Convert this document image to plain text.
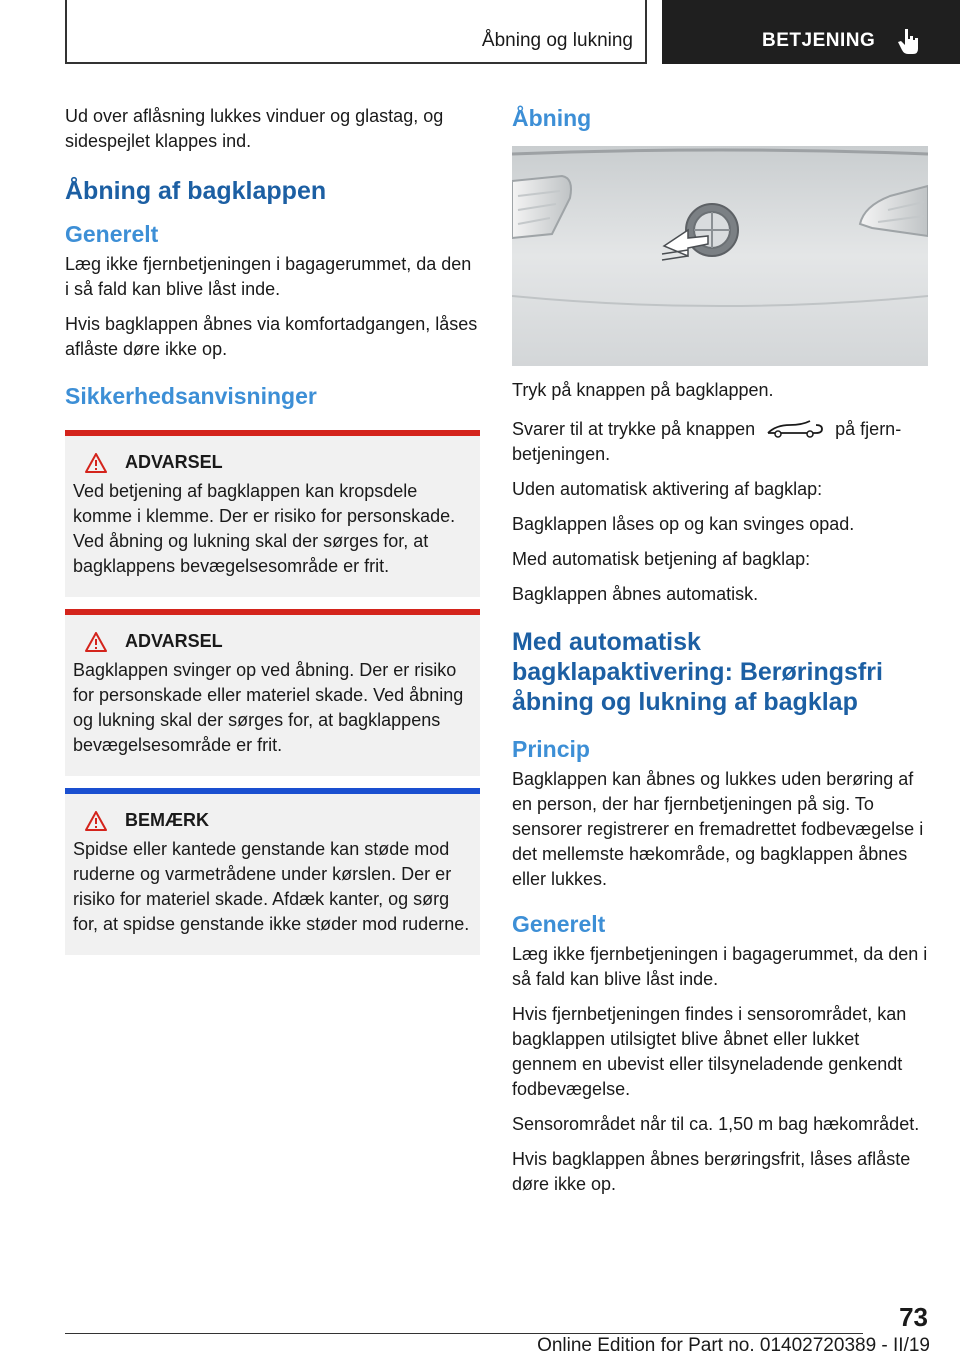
Åbning og lukning	BETJENING

Ud over aflåsning lukkes vinduer og glastag, og sidespejlet klappes ind.

Åbning af bagklappen
Generelt

Læg ikke fjernbetjeningen i bagagerummet, da den i så fald kan blive låst inde.

Hvis bagklappen åbnes via komfortadgangen, låses aflåste døre ikke op.

Sikkerhedsanvisninger
ADVARSEL

Ved betjening af bagklappen kan kropsdele komme i klemme. Der er risiko for personskade. Ved åbning og lukning skal der sørges for, at bagklappens bevægelsesområde er frit.

ADVARSEL

Bagklappen svinger op ved åbning. Der er risiko for personskade eller materiel skade. Ved åbning og lukning skal der sørges for, at bagklappens bevægelsesområde er frit.

BEMÆRK

Spidse eller kantede genstande kan støde mod ruderne og varmetrådene under kørslen. Der er risiko for materiel skade. Afdæk kanter, og sørg for, at spidse genstande ikke støder mod ruderne.

Åbning

Tryk på knappen på bagklappen.

Svarer til at trykke på knappen	på fjernbetjeningen.

Uden automatisk aktivering af bagklap:

Bagklappen låses op og kan svinges opad.

Med automatisk betjening af bagklap:

Bagklappen åbnes automatisk.

Med automatisk bagklapaktivering: Berøringsfri åbning og lukning af bagklap
Princip

Bagklappen kan åbnes og lukkes uden berøring af en person, der har fjernbetjeningen på sig. To sensorer registrerer en fremadrettet fodbevægelse i det mellemste hækområde, og bagklappen åbnes eller lukkes.

Generelt

Læg ikke fjernbetjeningen i bagagerummet, da den i så fald kan blive låst inde.

Hvis fjernbetjeningen findes i sensorområdet, kan bagklappen utilsigtet blive åbnet eller lukket gennem en ubevist eller tilsyneladende genkendt fodbevægelse.

Sensorområdet når til ca. 1,50 m bag hækområdet.

Hvis bagklappen åbnes berøringsfrit, låses aflåste døre ikke op.

73
Online Edition for Part no. 01402720389 - II/19
